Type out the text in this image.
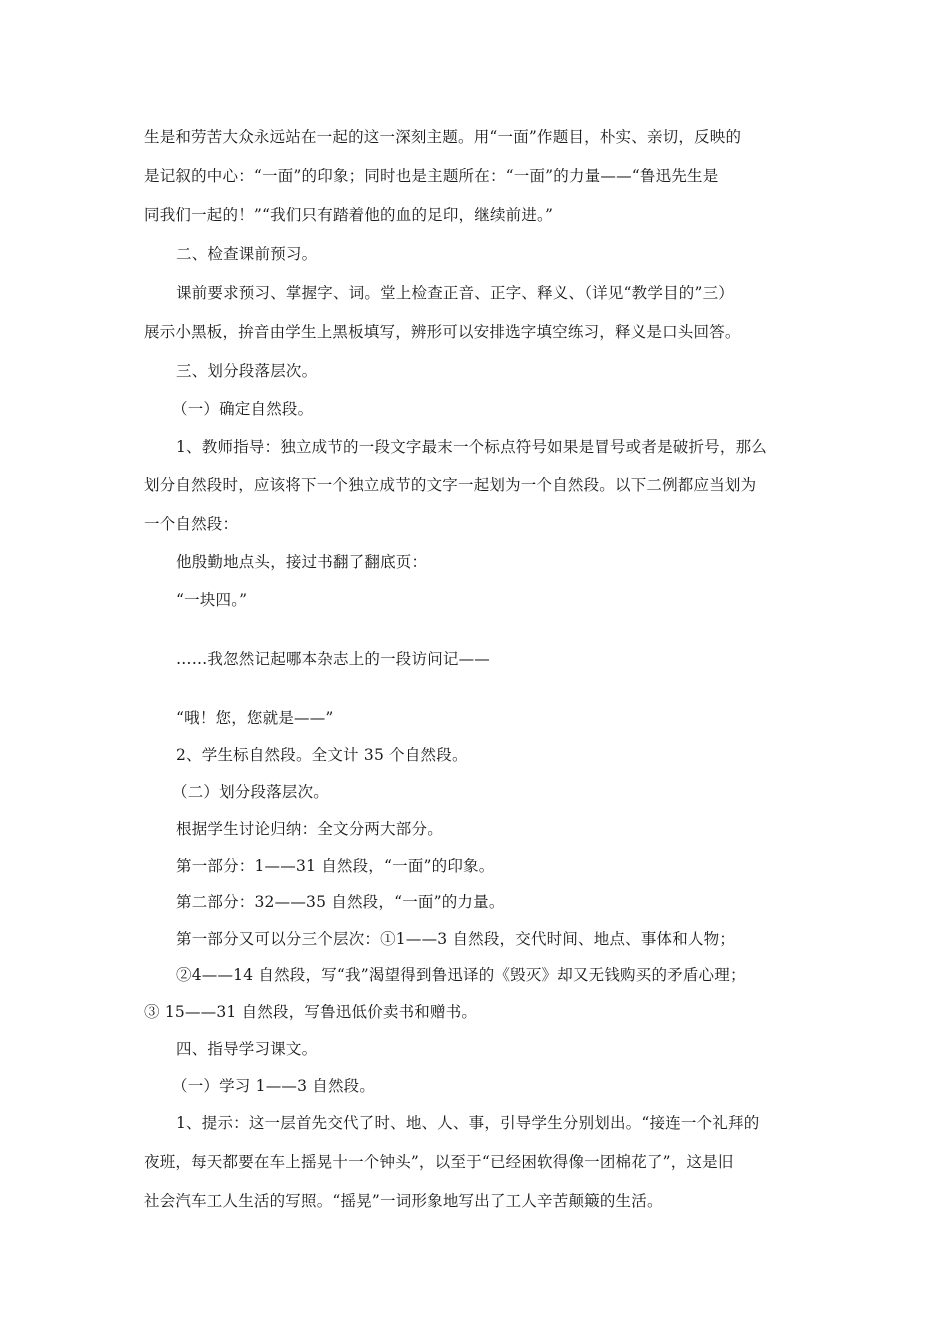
生是和劳苦大众永远站在一起的这一深刻主题。用“一面”作题目，朴实、亲切，反映的
是记叙的中心：“一面”的印象；同时也是主题所在：“一面”的力量——“鲁迅先生是
同我们一起的！”“我们只有踏着他的血的足印，继续前进。”
二、检查课前预习。
课前要求预习、掌握字、词。堂上检查正音、正字、释义、（详见“教学目的”三）
展示小黑板，拚音由学生上黑板填写，辨形可以安排选字填空练习，释义是口头回答。
三、划分段落层次。
（一）确定自然段。
1、教师指导：独立成节的一段文字最末一个标点符号如果是冒号或者是破折号，那么
划分自然段时，应该将下一个独立成节的文字一起划为一个自然段。以下二例都应当划为
一个自然段：
他殷勤地点头，接过书翻了翻底页：
“一块四。”
……我忽然记起哪本杂志上的一段访问记——
“哦！您，您就是——”
2、学生标自然段。全文计 35 个自然段。
（二）划分段落层次。
根据学生讨论归纳：全文分两大部分。
第一部分：1——31 自然段，“一面”的印象。
第二部分：32——35 自然段，“一面”的力量。
第一部分又可以分三个层次：①1——3 自然段，交代时间、地点、事体和人物；
②4——14 自然段，写“我”渴望得到鲁迅译的《毁灭》却又无钱购买的矛盾心理；
③ 15——31 自然段，写鲁迅低价卖书和赠书。
四、指导学习课文。
（一）学习 1——3 自然段。
1、提示：这一层首先交代了时、地、人、事，引导学生分别划出。“接连一个礼拜的
夜班，每天都要在车上摇晃十一个钟头”，以至于“已经困软得像一团棉花了”，这是旧
社会汽车工人生活的写照。“摇晃”一词形象地写出了工人辛苦颠簸的生活。
